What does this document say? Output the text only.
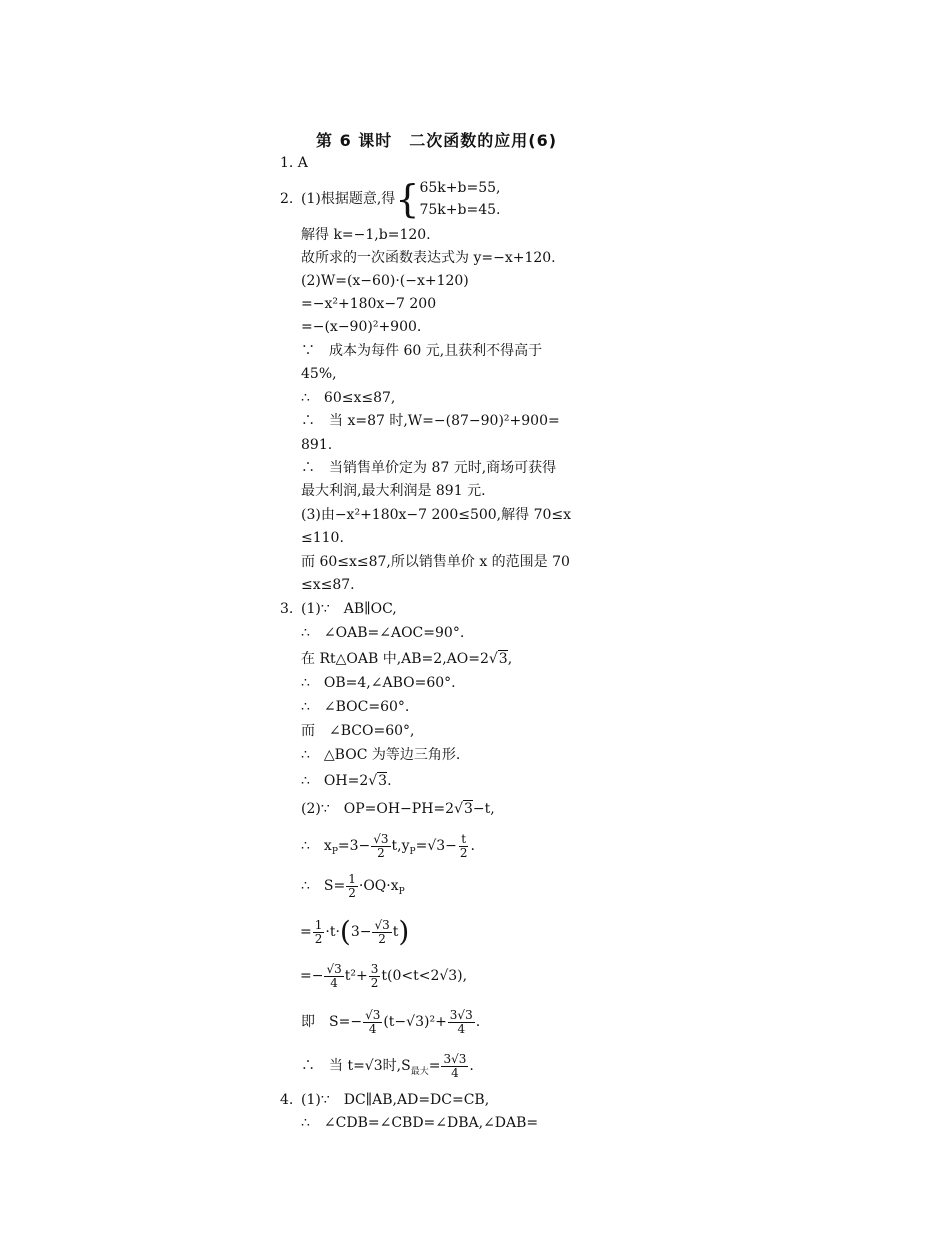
第 6 课时　二次函数的应用(6)
1. A
2. (1)根据题意,得{ 65k+b=55,
75k+b=45.
解得 k=−1,b=120.
故所求的一次函数表达式为 y=−x+120.
(2)W=(x−60)·(−x+120)
=−x²+180x−7 200
=−(x−90)²+900.
∵　成本为每件 60 元,且获利不得高于
45%,
∴　60≤x≤87,
∴　当 x=87 时,W=−(87−90)²+900=
891.
∴　当销售单价定为 87 元时,商场可获得
最大利润,最大利润是 891 元.
(3)由−x²+180x−7 200≤500,解得 70≤x
≤110.
而 60≤x≤87,所以销售单价 x 的范围是 70
≤x≤87.
3. (1)∵　AB∥OC,
∴　∠OAB=∠AOC=90°.
在 Rt△OAB 中,AB=2,AO=2√3,
∴　OB=4,∠ABO=60°.
∴　∠BOC=60°.
而　∠BCO=60°,
∴　△BOC 为等边三角形.
∴　OH=2√3.
(2)∵　OP=OH−PH=2√3−t,
∴　$x_P=3- \frac{√3}{2} t,y_P=√3- \frac{t}{2}$ .
∴　$S= \frac{1}{2} \cdot OQ\cdot x_P$
= $\frac{1}{2} \cdot t\cdot(3- \frac{√3}{2} t)$
=− $\frac{√3}{4} t^2+ \frac{3}{2} t(0<t<2√3)$,
即　$S=- \frac{√3}{4} (t-√3)^2+ \frac{3√3}{4}$ .
∴　当 t=√3时$,S_{最大}= \frac{3√3}{4}$ .
4. (1)∵　DC∥AB,AD=DC=CB,
∴　∠CDB=∠CBD=∠DBA,∠DAB=
